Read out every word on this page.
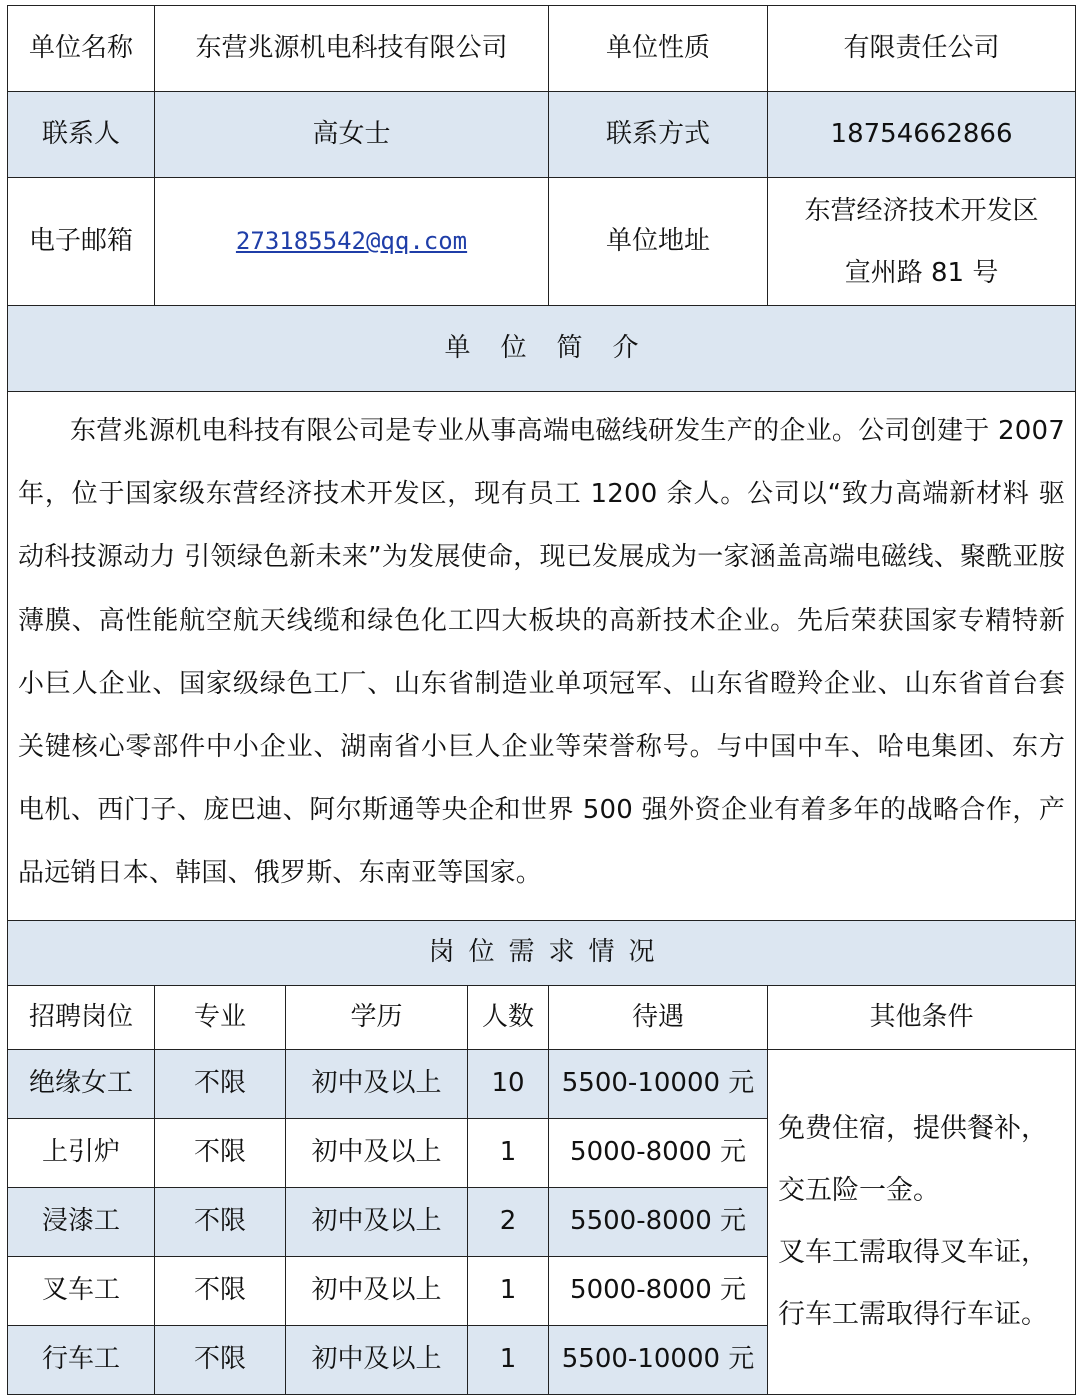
单位名称	东营兆源机电科技有限公司			单位性质	有限责任公司
联系人	高女士			联系方式	18754662866
电子邮箱	273185542@qq.com			单位地址	东营经济技术开发区
宣州路 81 号

单位简介					

东营兆源机电科技有限公司是专业从事高端电磁线研发生产的企业。公司创建于 2007 年，位于国家级东营经济技术开发区，现有员工 1200 余人。公司以“致力高端新材料 驱动科技源动力 引领绿色新未来”为发展使命，现已发展成为一家涵盖高端电磁线、聚酰亚胺薄膜、高性能航空航天线缆和绿色化工四大板块的高新技术企业。先后荣获国家专精特新小巨人企业、国家级绿色工厂、山东省制造业单项冠军、山东省瞪羚企业、山东省首台套关键核心零部件中小企业、湖南省小巨人企业等荣誉称号。与中国中车、哈电集团、东方电机、西门子、庞巴迪、阿尔斯通等央企和世界 500 强外资企业有着多年的战略合作，产品远销日本、韩国、俄罗斯、东南亚等国家。					

岗位需求情况					
招聘岗位	专业	学历	人数	待遇	其他条件
绝缘女工	不限	初中及以上	10	5500-10000 元	免费住宿，提供餐补，
交五险一金。
叉车工需取得叉车证，
行车工需取得行车证。

上引炉	不限	初中及以上	1	5000-8000 元	
浸漆工	不限	初中及以上	2	5500-8000 元	
叉车工	不限	初中及以上	1	5000-8000 元	
行车工	不限	初中及以上	1	5500-10000 元	
